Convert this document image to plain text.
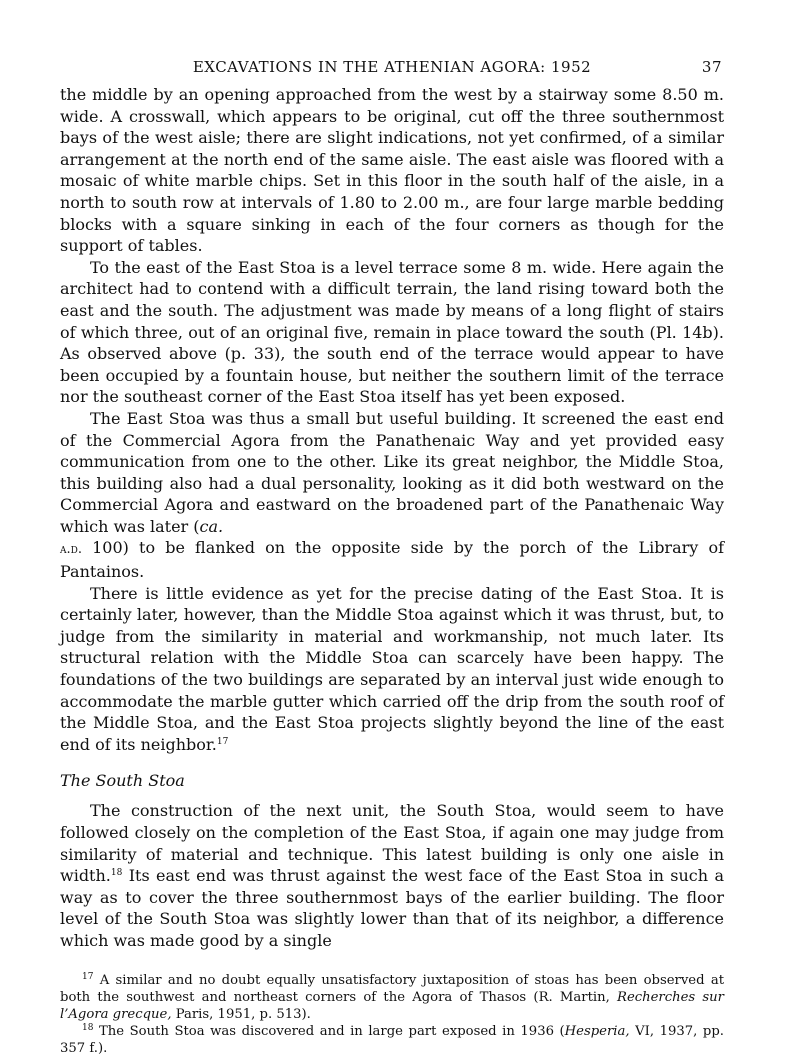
EXCAVATIONS IN THE ATHENIAN AGORA: 1952	37

the middle by an opening approached from the west by a stairway some 8.50 m. wide. A crosswall, which appears to be original, cut off the three southernmost bays of the west aisle; there are slight indications, not yet confirmed, of a similar arrangement at the north end of the same aisle. The east aisle was floored with a mosaic of white marble chips. Set in this floor in the south half of the aisle, in a north to south row at intervals of 1.80 to 2.00 m., are four large marble bedding blocks with a square sinking in each of the four corners as though for the support of tables.

To the east of the East Stoa is a level terrace some 8 m. wide. Here again the architect had to contend with a difficult terrain, the land rising toward both the east and the south. The adjustment was made by means of a long flight of stairs of which three, out of an original five, remain in place toward the south (Pl. 14b). As observed above (p. 33), the south end of the terrace would appear to have been occupied by a fountain house, but neither the southern limit of the terrace nor the southeast corner of the East Stoa itself has yet been exposed.

The East Stoa was thus a small but useful building. It screened the east end of the Commercial Agora from the Panathenaic Way and yet provided easy communication from one to the other. Like its great neighbor, the Middle Stoa, this building also had a dual personality, looking as it did both westward on the Commercial Agora and eastward on the broadened part of the Panathenaic Way which was later (ca.
a.d. 100) to be flanked on the opposite side by the porch of the Library of Pantainos.

There is little evidence as yet for the precise dating of the East Stoa. It is certainly later, however, than the Middle Stoa against which it was thrust, but, to judge from the similarity in material and workmanship, not much later. Its structural relation with the Middle Stoa can scarcely have been happy. The foundations of the two buildings are separated by an interval just wide enough to accommodate the marble gutter which carried off the drip from the south roof of the Middle Stoa, and the East Stoa projects slightly beyond the line of the east end of its neighbor.$^{17}$

The South Stoa

The construction of the next unit, the South Stoa, would seem to have followed closely on the completion of the East Stoa, if again one may judge from similarity of material and technique. This latest building is only one aisle in width.$^{18}$ Its east end was thrust against the west face of the East Stoa in such a way as to cover the three southernmost bays of the earlier building. The floor level of the South Stoa was slightly lower than that of its neighbor, a difference which was made good by a single

$^{17}$ A similar and no doubt equally unsatisfactory juxtaposition of stoas has been observed at both the southwest and northeast corners of the Agora of Thasos (R. Martin, Recherches sur l’Agora grecque, Paris, 1951, p. 513).

$^{18}$ The South Stoa was discovered and in large part exposed in 1936 (Hesperia, VI, 1937, pp. 357 f.).
